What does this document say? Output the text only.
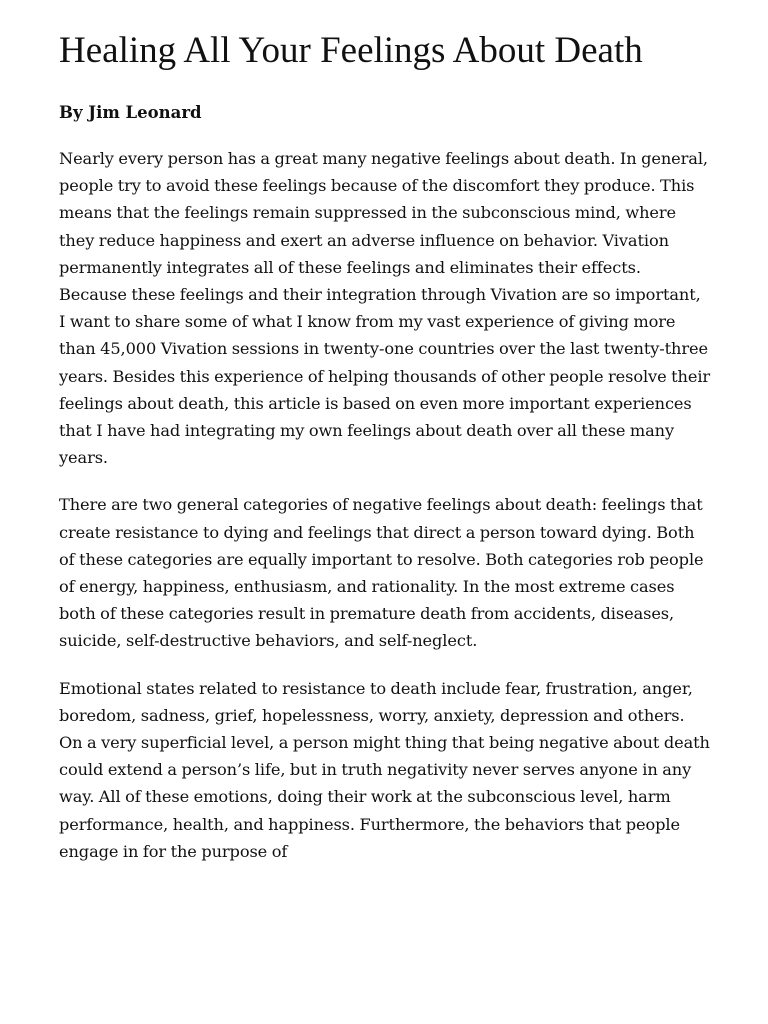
Healing All Your Feelings About Death

By Jim Leonard

Nearly every person has a great many negative feelings about death. In general, people try to avoid these feelings because of the discomfort they produce. This means that the feelings remain suppressed in the subconscious mind, where they reduce happiness and exert an adverse influence on behavior. Vivation permanently integrates all of these feelings and eliminates their effects. Because these feelings and their integration through Vivation are so important, I want to share some of what I know from my vast experience of giving more than 45,000 Vivation sessions in twenty-one countries over the last twenty-three years. Besides this experience of helping thousands of other people resolve their feelings about death, this article is based on even more important experiences that I have had integrating my own feelings about death over all these many years.

There are two general categories of negative feelings about death: feelings that create resistance to dying and feelings that direct a person toward dying. Both of these categories are equally important to resolve. Both categories rob people of energy, happiness, enthusiasm, and rationality. In the most extreme cases both of these categories result in premature death from accidents, diseases, suicide, self-destructive behaviors, and self-neglect.

Emotional states related to resistance to death include fear, frustration, anger, boredom, sadness, grief, hopelessness, worry, anxiety, depression and others. On a very superficial level, a person might thing that being negative about death could extend a person’s life, but in truth negativity never serves anyone in any way. All of these emotions, doing their work at the subconscious level, harm performance, health, and happiness. Furthermore, the behaviors that people engage in for the purpose of
